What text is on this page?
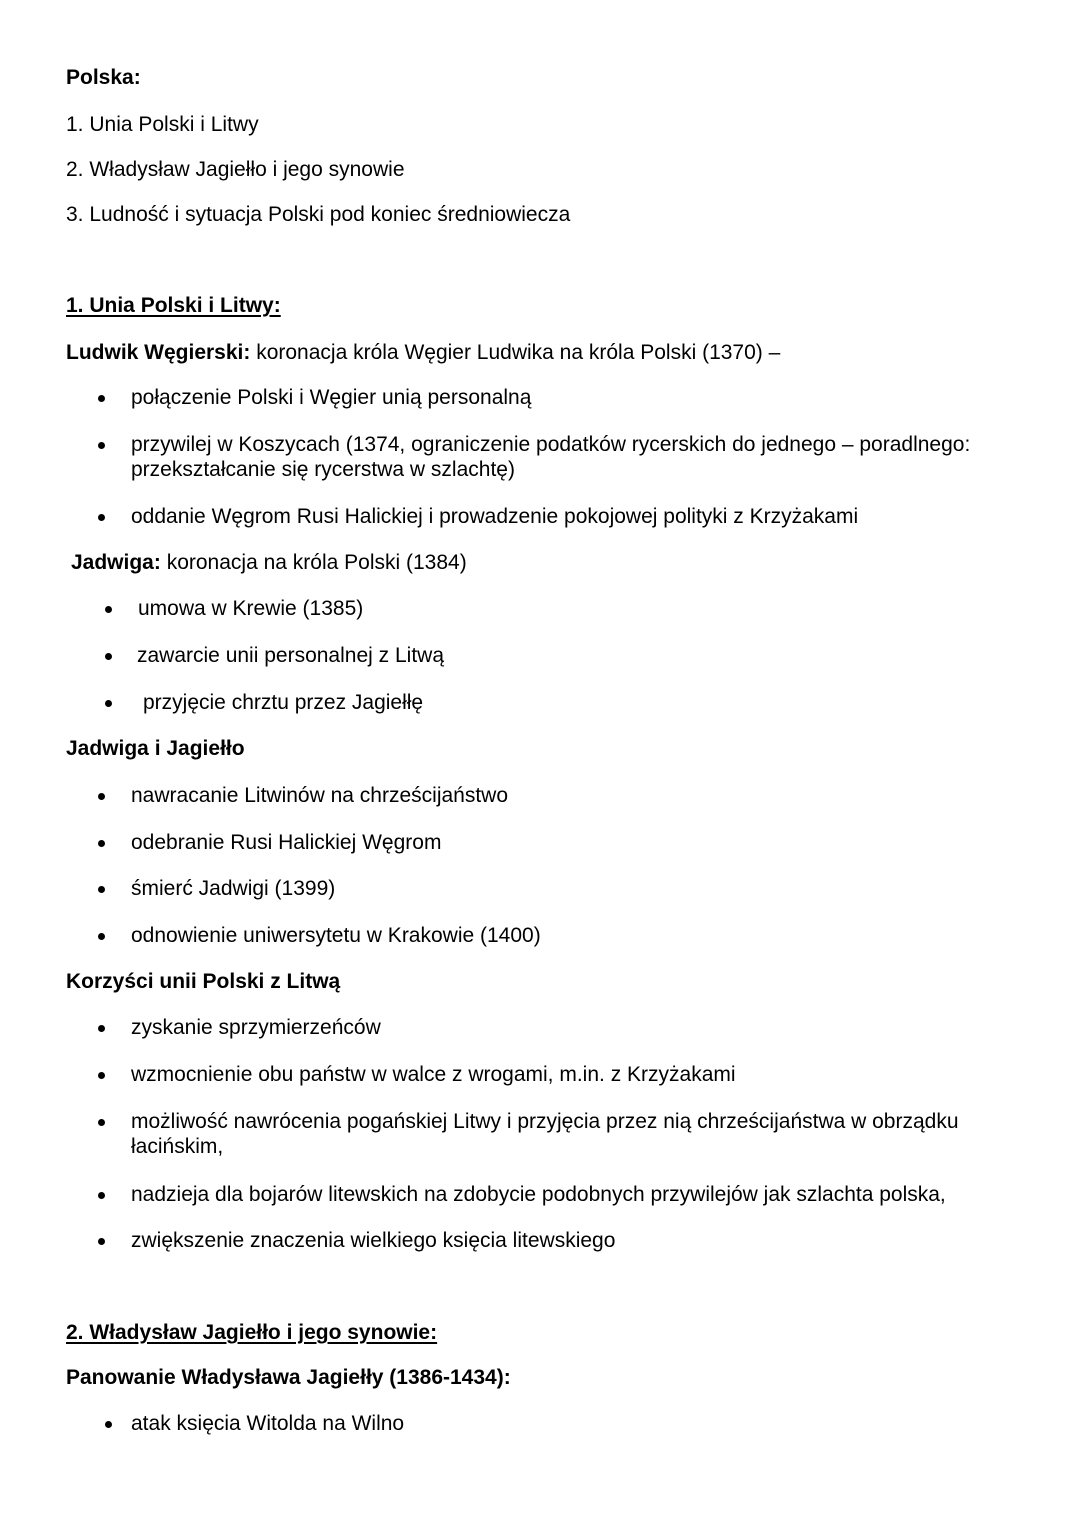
Polska:
1. Unia Polski i Litwy
2. Władysław Jagiełło i jego synowie
3. Ludność i sytuacja Polski pod koniec średniowiecza
1. Unia Polski i Litwy:
Ludwik Węgierski: koronacja króla Węgier Ludwika na króla Polski (1370) –
połączenie Polski i Węgier unią personalną
przywilej w Koszycach (1374, ograniczenie podatków rycerskich do jednego – poradlnego:
przekształcanie się rycerstwa w szlachtę)
oddanie Węgrom Rusi Halickiej i prowadzenie pokojowej polityki z Krzyżakami
Jadwiga: koronacja na króla Polski (1384)
umowa w Krewie (1385)
zawarcie unii personalnej z Litwą
przyjęcie chrztu przez Jagiełłę
Jadwiga i Jagiełło
nawracanie Litwinów na chrześcijaństwo
odebranie Rusi Halickiej Węgrom
śmierć Jadwigi (1399)
odnowienie uniwersytetu w Krakowie (1400)
Korzyści unii Polski z Litwą
zyskanie sprzymierzeńców
wzmocnienie obu państw w walce z wrogami, m.in. z Krzyżakami
możliwość nawrócenia pogańskiej Litwy i przyjęcia przez nią chrześcijaństwa w obrządku
łacińskim,
nadzieja dla bojarów litewskich na zdobycie podobnych przywilejów jak szlachta polska,
zwiększenie znaczenia wielkiego księcia litewskiego
2. Władysław Jagiełło i jego synowie:
Panowanie Władysława Jagiełły (1386-1434):
atak księcia Witolda na Wilno
